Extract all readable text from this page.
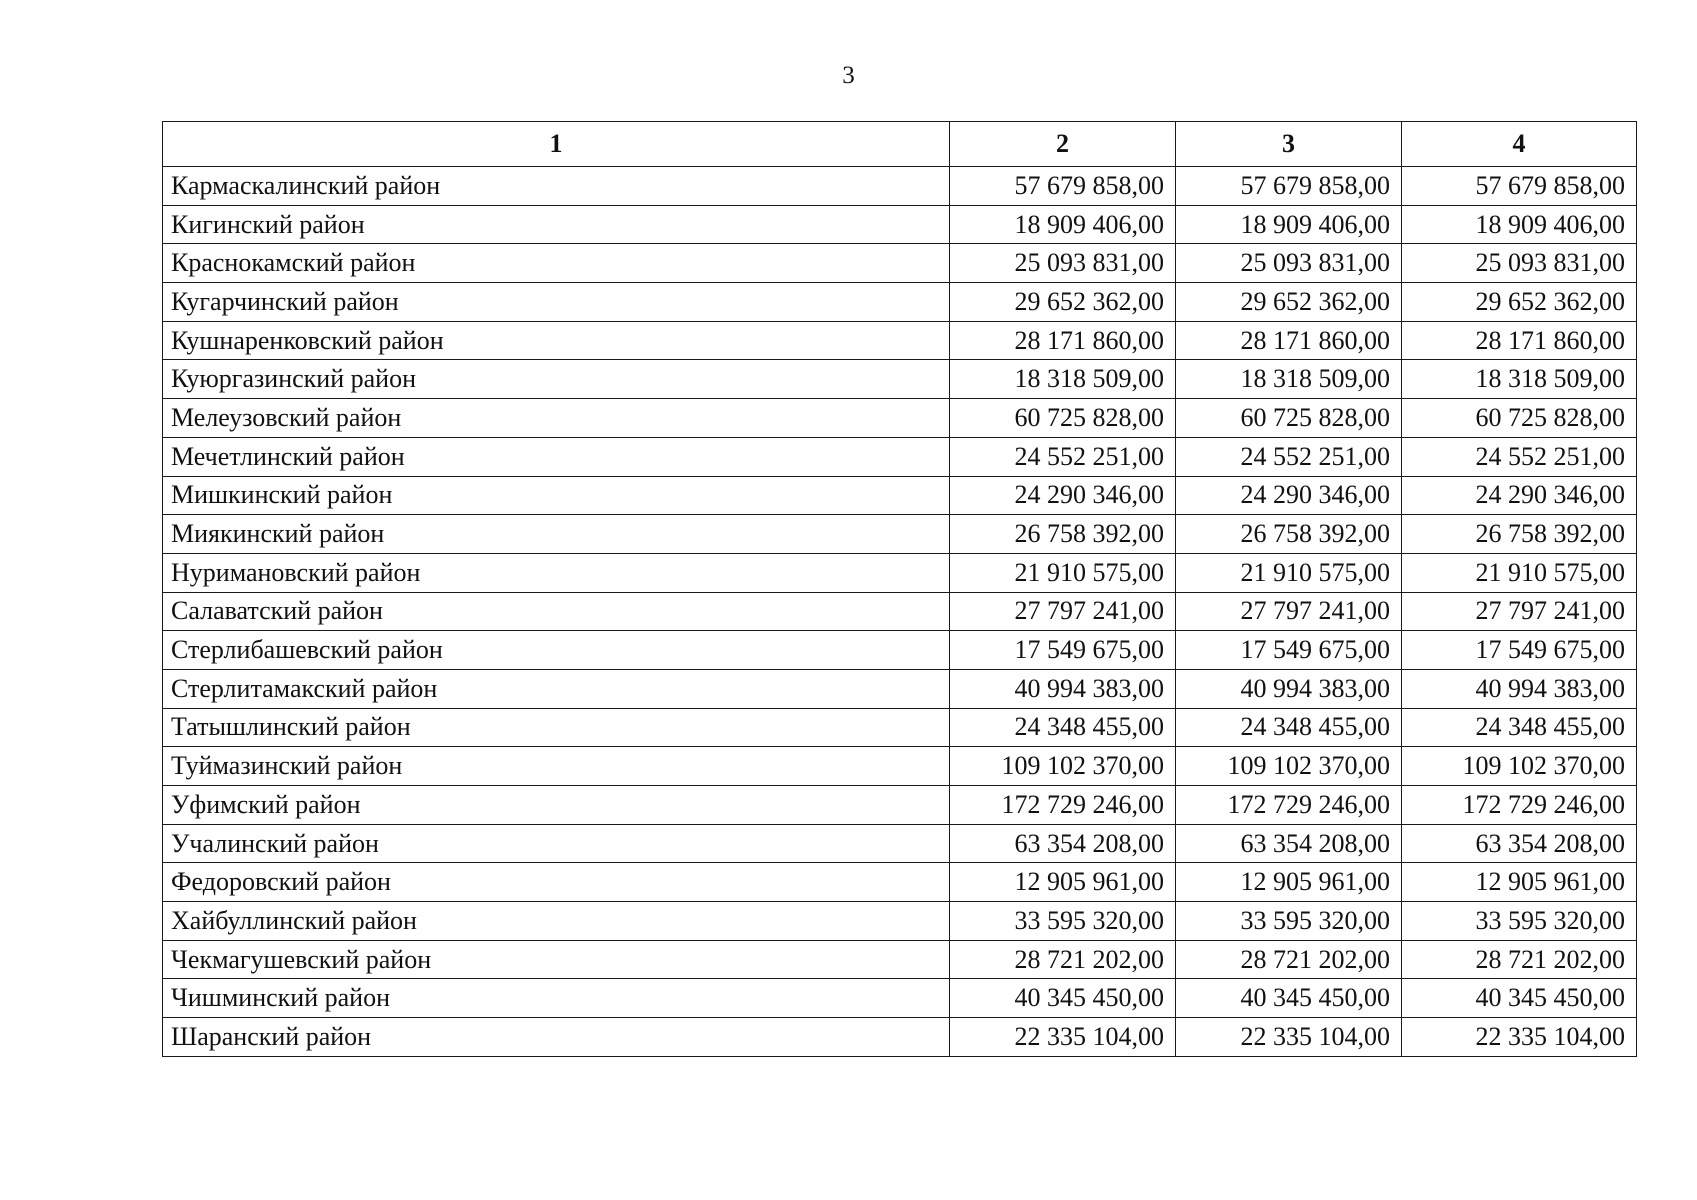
3
1	2	3	4
Кармаскалинский район	57 679 858,00	57 679 858,00	57 679 858,00
Кигинский район	18 909 406,00	18 909 406,00	18 909 406,00
Краснокамский район	25 093 831,00	25 093 831,00	25 093 831,00
Кугарчинский район	29 652 362,00	29 652 362,00	29 652 362,00
Кушнаренковский район	28 171 860,00	28 171 860,00	28 171 860,00
Куюргазинский район	18 318 509,00	18 318 509,00	18 318 509,00
Мелеузовский район	60 725 828,00	60 725 828,00	60 725 828,00
Мечетлинский район	24 552 251,00	24 552 251,00	24 552 251,00
Мишкинский район	24 290 346,00	24 290 346,00	24 290 346,00
Миякинский район	26 758 392,00	26 758 392,00	26 758 392,00
Нуримановский район	21 910 575,00	21 910 575,00	21 910 575,00
Салаватский район	27 797 241,00	27 797 241,00	27 797 241,00
Стерлибашевский район	17 549 675,00	17 549 675,00	17 549 675,00
Стерлитамакский район	40 994 383,00	40 994 383,00	40 994 383,00
Татышлинский район	24 348 455,00	24 348 455,00	24 348 455,00
Туймазинский район	109 102 370,00	109 102 370,00	109 102 370,00
Уфимский район	172 729 246,00	172 729 246,00	172 729 246,00
Учалинский район	63 354 208,00	63 354 208,00	63 354 208,00
Федоровский район	12 905 961,00	12 905 961,00	12 905 961,00
Хайбуллинский район	33 595 320,00	33 595 320,00	33 595 320,00
Чекмагушевский район	28 721 202,00	28 721 202,00	28 721 202,00
Чишминский район	40 345 450,00	40 345 450,00	40 345 450,00
Шаранский район	22 335 104,00	22 335 104,00	22 335 104,00
